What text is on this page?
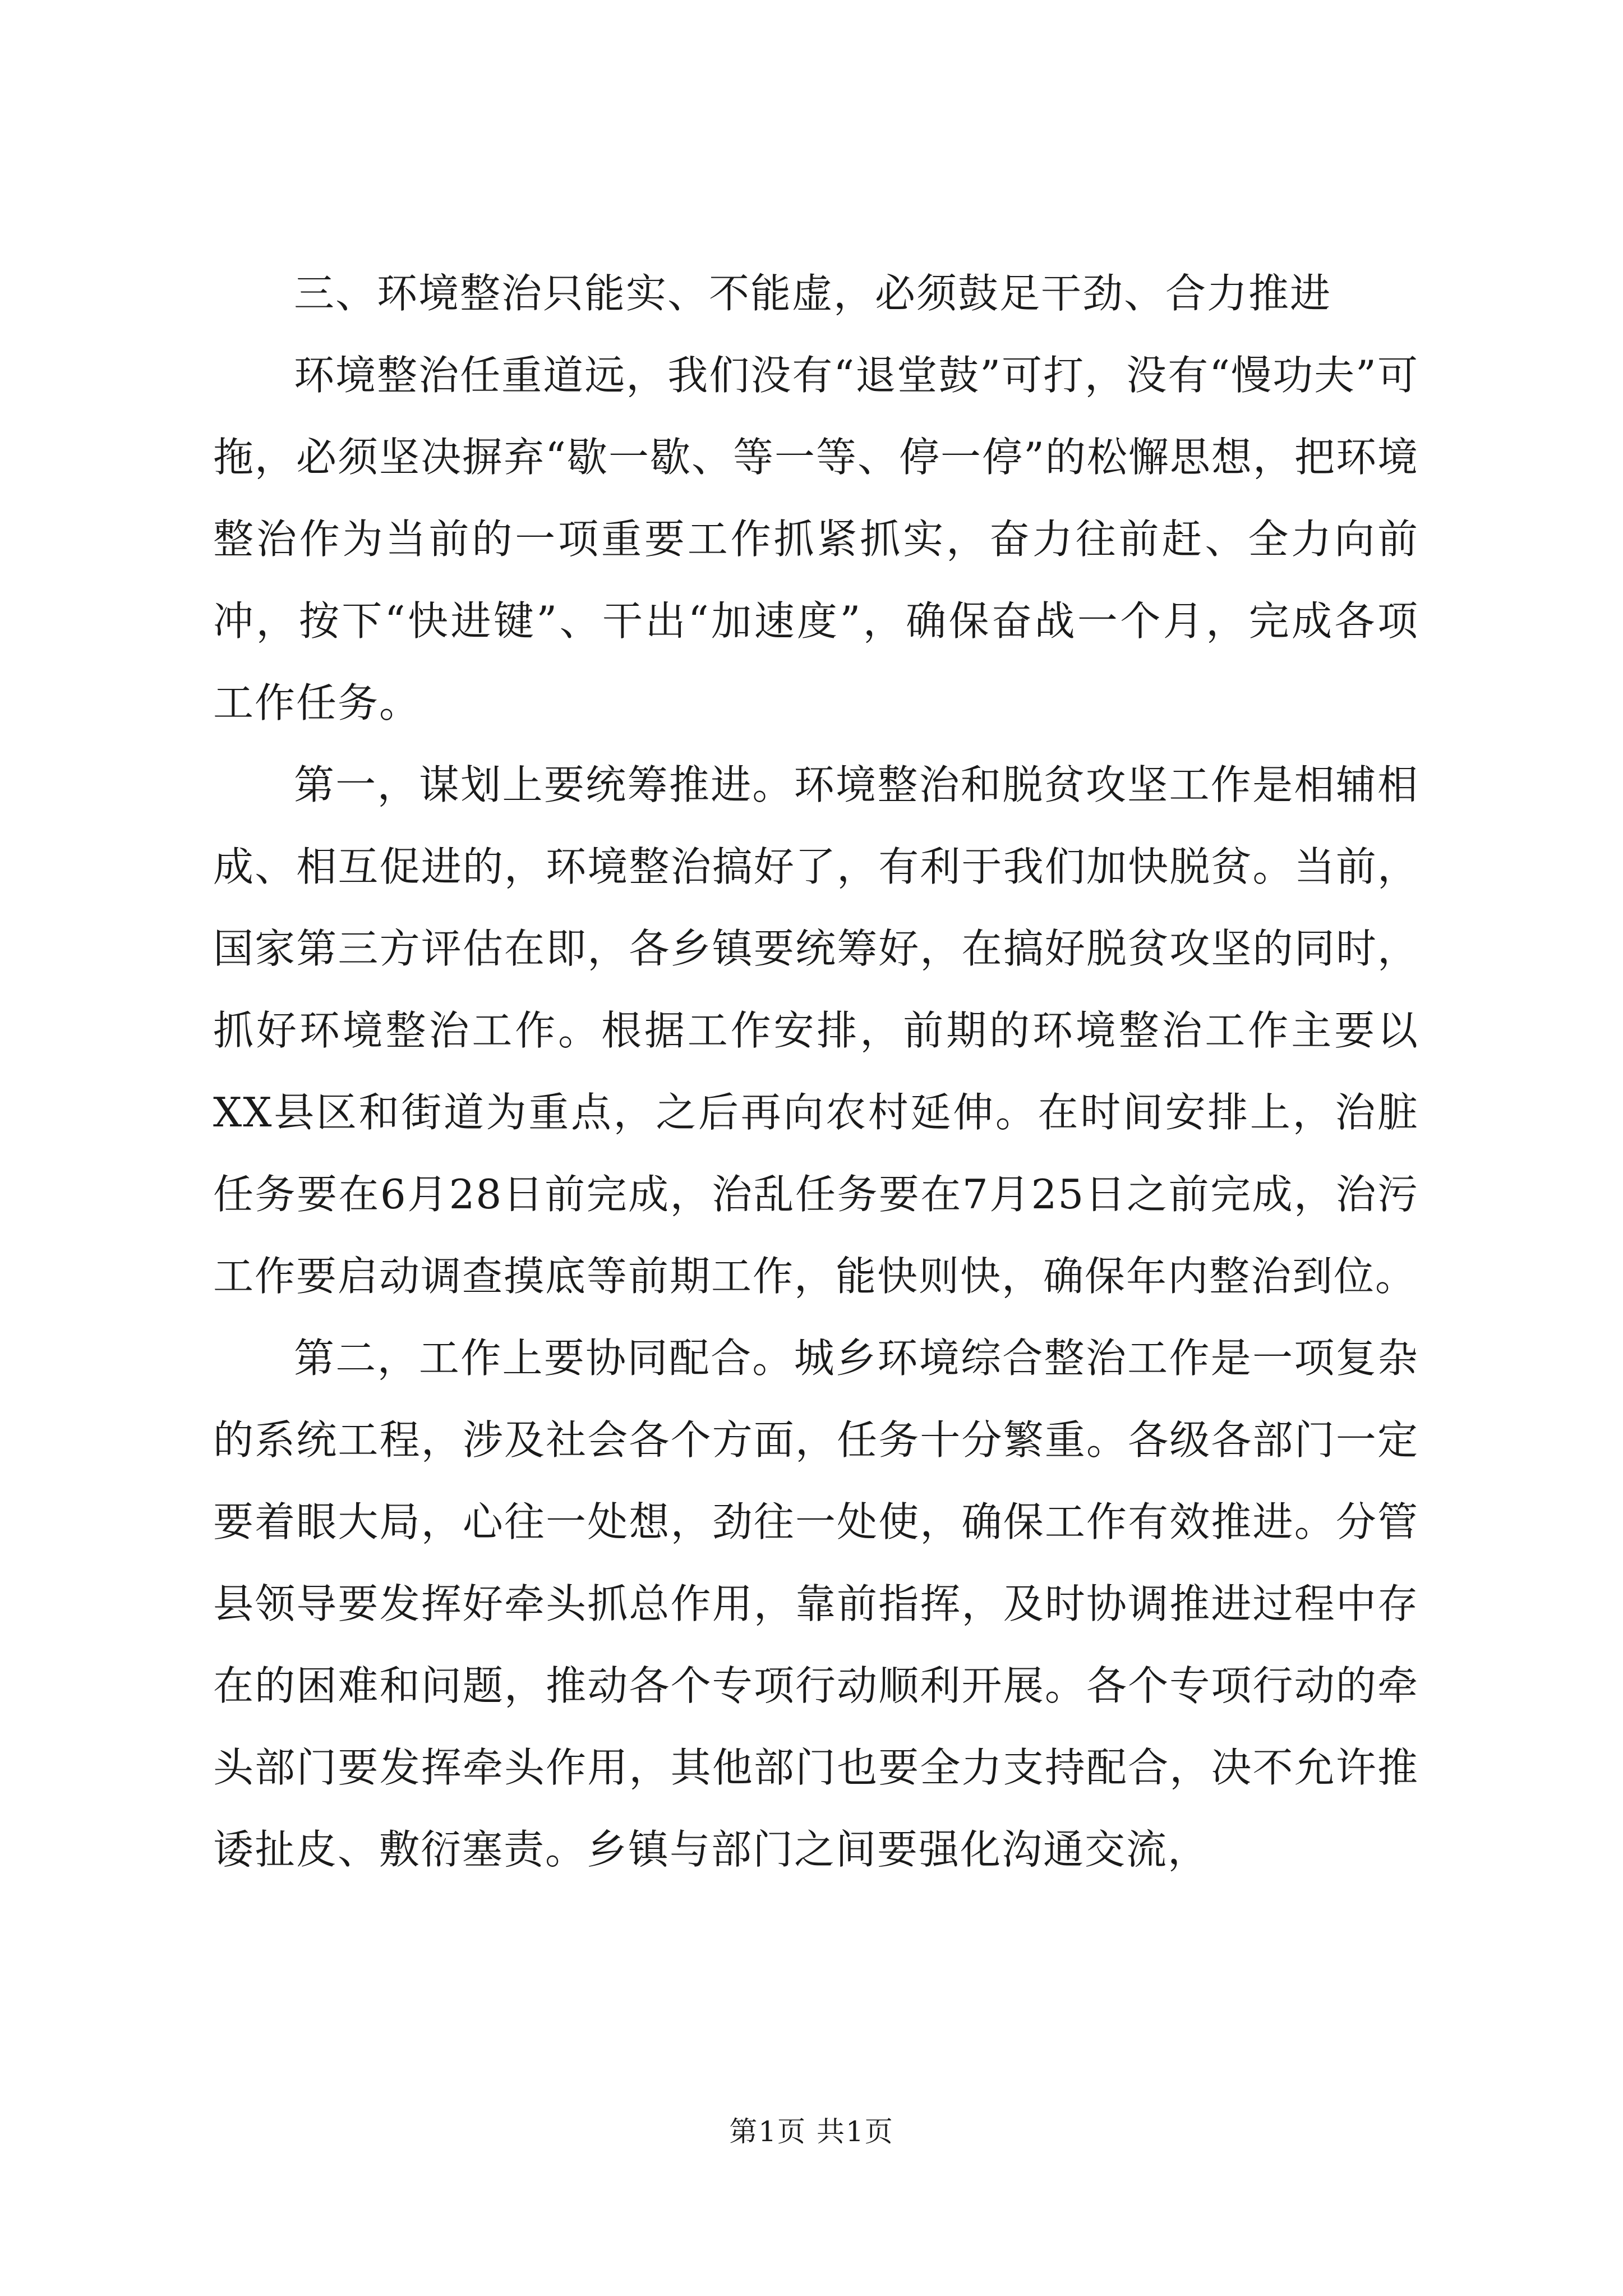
三、环境整治只能实、不能虚，必须鼓足干劲、合力推进

环境整治任重道远，我们没有“退堂鼓”可打，没有“慢功夫”可拖，必须坚决摒弃“歇一歇、等一等、停一停”的松懈思想，把环境整治作为当前的一项重要工作抓紧抓实，奋力往前赶、全力向前冲，按下“快进键”、干出“加速度”，确保奋战一个月，完成各项工作任务。

第一，谋划上要统筹推进。环境整治和脱贫攻坚工作是相辅相成、相互促进的，环境整治搞好了，有利于我们加快脱贫。当前，国家第三方评估在即，各乡镇要统筹好，在搞好脱贫攻坚的同时，抓好环境整治工作。根据工作安排，前期的环境整治工作主要以XX县区和街道为重点，之后再向农村延伸。在时间安排上，治脏任务要在6月28日前完成，治乱任务要在7月25日之前完成，治污工作要启动调查摸底等前期工作，能快则快，确保年内整治到位。

第二，工作上要协同配合。城乡环境综合整治工作是一项复杂的系统工程，涉及社会各个方面，任务十分繁重。各级各部门一定要着眼大局，心往一处想，劲往一处使，确保工作有效推进。分管县领导要发挥好牵头抓总作用，靠前指挥，及时协调推进过程中存在的困难和问题，推动各个专项行动顺利开展。各个专项行动的牵头部门要发挥牵头作用，其他部门也要全力支持配合，决不允许推诿扯皮、敷衍塞责。乡镇与部门之间要强化沟通交流，

第1页 共1页
